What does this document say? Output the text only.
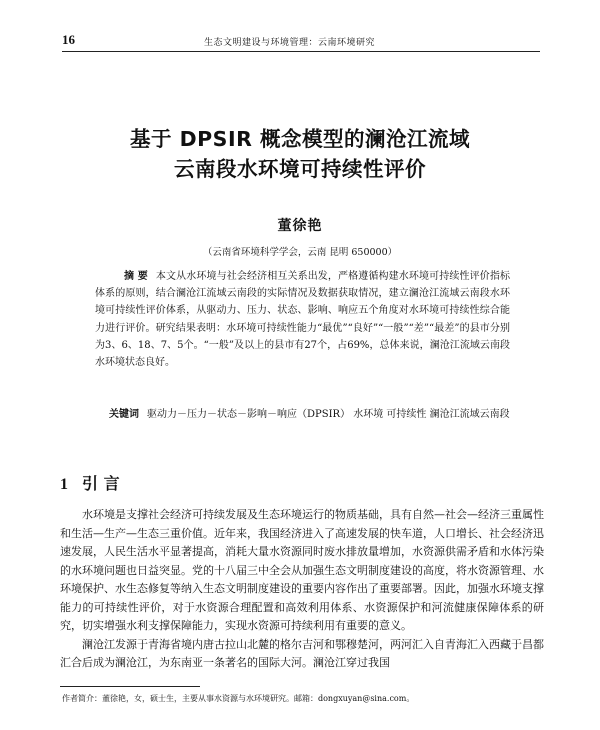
16	生态文明建设与环境管理：云南环境研究
基于 DPSIR 概念模型的澜沧江流域
云南段水环境可持续性评价
董徐艳
（云南省环境科学学会，云南 昆明 650000）

摘 要 本文从水环境与社会经济相互关系出发，严格遵循构建水环境可持续性评价指标体系的原则，结合澜沧江流域云南段的实际情况及数据获取情况，建立澜沧江流域云南段水环境可持续性评价体系，从驱动力、压力、状态、影响、响应五个角度对水环境可持续性综合能力进行评价。研究结果表明：水环境可持续性能力“最优”“良好”“一般”“差”“最差”的县市分别为3、6、18、7、5个。“一般”及以上的县市有27个，占69%，总体来说，澜沧江流域云南段水环境状态良好。

关键词 驱动力－压力－状态－影响－响应（DPSIR） 水环境 可持续性 澜沧江流域云南段

1 引 言

水环境是支撑社会经济可持续发展及生态环境运行的物质基础，具有自然—社会—经济三重属性和生活—生产—生态三重价值。近年来，我国经济进入了高速发展的快车道，人口增长、社会经济迅速发展，人民生活水平显著提高，消耗大量水资源同时废水排放量增加，水资源供需矛盾和水体污染的水环境问题也日益突显。党的十八届三中全会从加强生态文明制度建设的高度，将水资源管理、水环境保护、水生态修复等纳入生态文明制度建设的重要内容作出了重要部署。因此，加强水环境支撑能力的可持续性评价，对于水资源合理配置和高效利用体系、水资源保护和河流健康保障体系的研究，切实增强水利支撑保障能力，实现水资源可持续利用有重要的意义。

澜沧江发源于青海省境内唐古拉山北麓的格尔吉河和鄂穆楚河，两河汇入自青海汇入西藏于昌都汇合后成为澜沧江，为东南亚一条著名的国际大河。澜沧江穿过我国

作者简介：董徐艳，女，硕士生，主要从事水资源与水环境研究。邮箱：dongxuyan@sina.com。
